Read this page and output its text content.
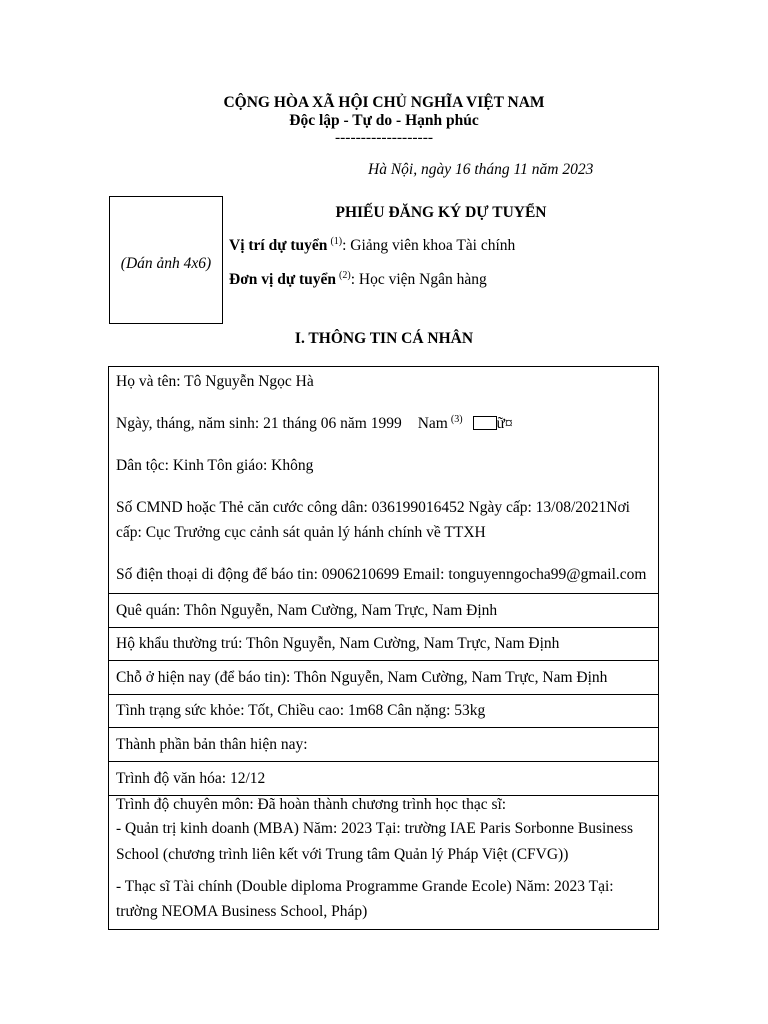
CỘNG HÒA XÃ HỘI CHỦ NGHĨA VIỆT NAM
Độc lập - Tự do - Hạnh phúc
-------------------
Hà Nội, ngày 16 tháng 11 năm 2023
(Dán ảnh 4x6)
PHIẾU ĐĂNG KÝ DỰ TUYỂN
Vị trí dự tuyển $^{(1)}$: Giảng viên khoa Tài chính
Đơn vị dự tuyển $^{(2)}$: Học viện Ngân hàng
I. THÔNG TIN CÁ NHÂN
Họ và tên: Tô Nguyễn Ngọc Hà
Ngày, tháng, năm sinh: 21 tháng 06 năm 1999 Nam $^{(3)}$ ữ¤
Dân tộc: Kinh Tôn giáo: Không
Số CMND hoặc Thẻ căn cước công dân: 036199016452 Ngày cấp: 13/08/2021Nơi
cấp: Cục Trưởng cục cảnh sát quản lý hánh chính về TTXH
Số điện thoại di động để báo tin: 0906210699 Email: tonguyenngocha99@gmail.com
Quê quán: Thôn Nguyễn, Nam Cường, Nam Trực, Nam Định
Hộ khẩu thường trú: Thôn Nguyễn, Nam Cường, Nam Trực, Nam Định
Chỗ ở hiện nay (để báo tin): Thôn Nguyễn, Nam Cường, Nam Trực, Nam Định
Tình trạng sức khỏe: Tốt, Chiều cao: 1m68 Cân nặng: 53kg
Thành phần bản thân hiện nay:
Trình độ văn hóa: 12/12
Trình độ chuyên môn: Đã hoàn thành chương trình học thạc sĩ:
- Quản trị kinh doanh (MBA) Năm: 2023 Tại: trường IAE Paris Sorbonne Business
School (chương trình liên kết với Trung tâm Quản lý Pháp Việt (CFVG))
- Thạc sĩ Tài chính (Double diploma Programme Grande Ecole) Năm: 2023 Tại:
trường NEOMA Business School, Pháp)
